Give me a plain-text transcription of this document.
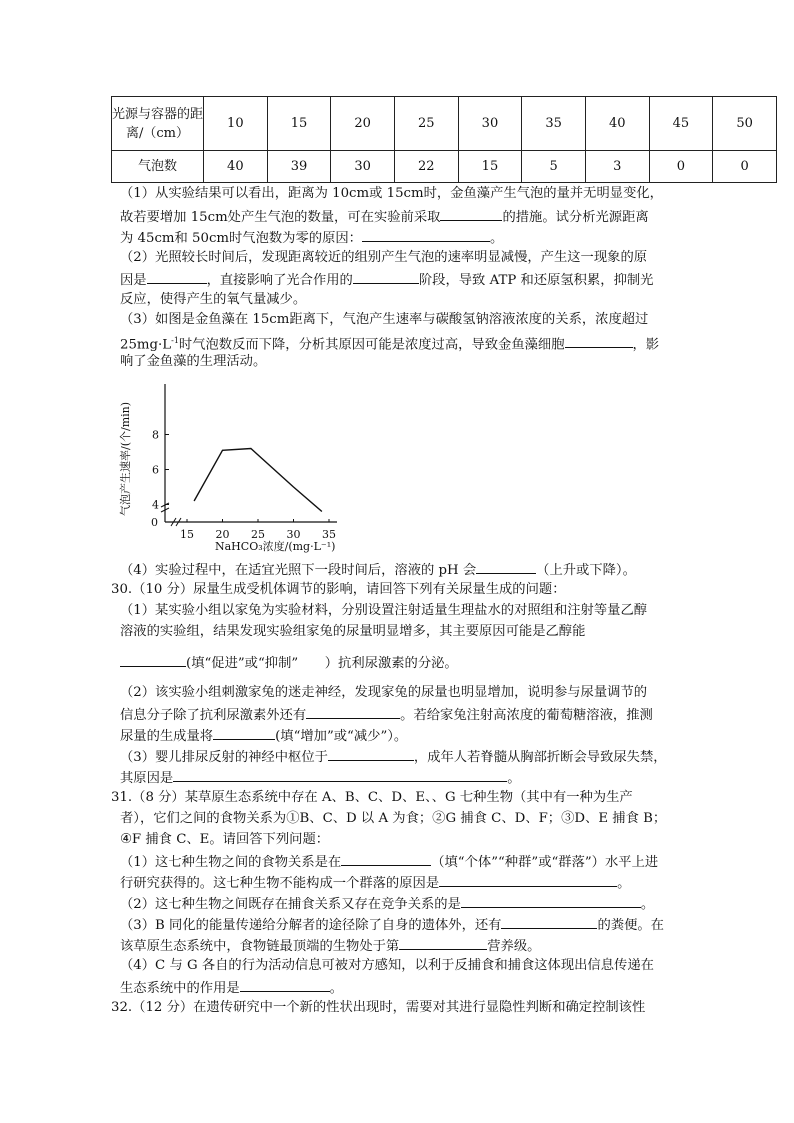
光源与容器的距离/（cm）	10	15	20	25	30	35	40	45	50
气泡数	40	39	30	22	15	5	3	0	0
（1）从实验结果可以看出，距离为 10cm或 15cm时，金鱼藻产生气泡的量并无明显变化，
故若要增加 15cm处产生气泡的数量，可在实验前采取	的措施。试分析光源距离
为 45cm和 50cm时气泡数为零的原因：	。
（2）光照较长时间后，发现距离较近的组别产生气泡的速率明显减慢，产生这一现象的原
因是	，直接影响了光合作用的	阶段，导致 ATP 和还原氢积累，抑制光
反应，使得产生的氧气量减少。
（3）如图是金鱼藻在 15cm距离下，气泡产生速率与碳酸氢钠溶液浓度的关系，浓度超过
$25mg\cdot L^{-1}$时气泡数反而下降，分析其原因可能是浓度过高，导致金鱼藻细胞	，影
响了金鱼藻的生理活动。
0
15 20 25 30 35
4
6
8
NaHCO₃浓度/(mg·L⁻¹)
气泡产生速率/(个/min)
（4）实验过程中，在适宜光照下一段时间后，溶液的 pH 会	（上升或下降）。
30.（10 分）尿量生成受机体调节的影响，请回答下列有关尿量生成的问题：
（1）某实验小组以家兔为实验材料，分别设置注射适量生理盐水的对照组和注射等量乙醇
溶液的实验组，结果发现实验组家兔的尿量明显增多，其主要原因可能是乙醇能
(填“促进”或“抑制”　　）抗利尿激素的分泌。
（2）该实验小组刺激家兔的迷走神经，发现家兔的尿量也明显增加，说明参与尿量调节的
信息分子除了抗利尿激素外还有	。若给家兔注射高浓度的葡萄糖溶液，推测
尿量的生成量将	(填“增加”或“减少”）。
（3）婴儿排尿反射的神经中枢位于	，成年人若脊髓从胸部折断会导致尿失禁，
其原因是	。
31.（8 分）某草原生态系统中存在 A、B、C、D、E、、G 七种生物（其中有一种为生产
者），它们之间的食物关系为①B、C、D 以 A 为食；②G 捕食 C、D、F；③D、E 捕食 B；
④F 捕食 C、E。请回答下列问题：
（1）这七种生物之间的食物关系是在	（填“个体”“种群”或“群落”）水平上进
行研究获得的。这七种生物不能构成一个群落的原因是	。
（2）这七种生物之间既存在捕食关系又存在竞争关系的是	。
（3）B 同化的能量传递给分解者的途径除了自身的遗体外，还有	的粪便。在
该草原生态系统中，食物链最顶端的生物处于第	营养级。
（4）C 与 G 各自的行为活动信息可被对方感知，以利于反捕食和捕食这体现出信息传递在
生态系统中的作用是	。
32.（12 分）在遗传研究中一个新的性状出现时，需要对其进行显隐性判断和确定控制该性
